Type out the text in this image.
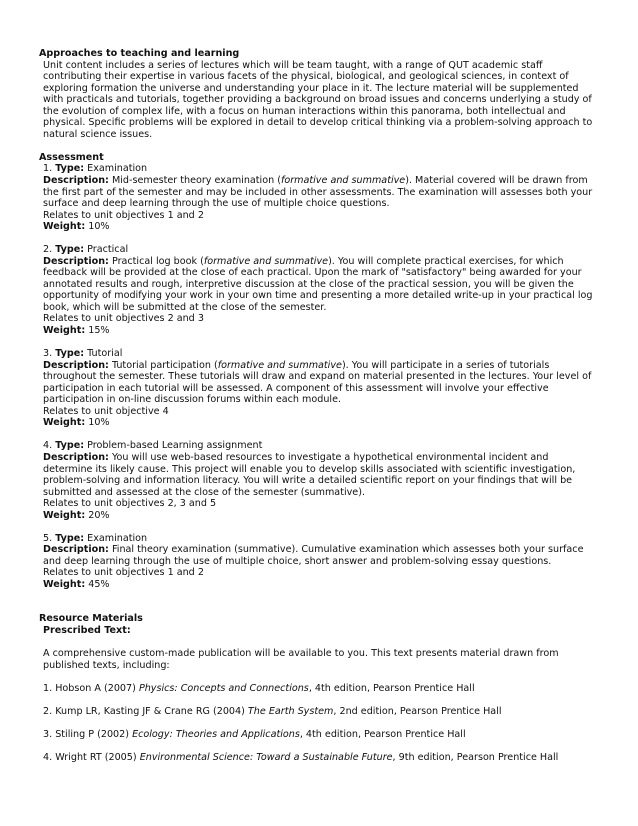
Approaches to teaching and learning
Unit content includes a series of lectures which will be team taught, with a range of QUT academic staff contributing their expertise in various facets of the physical, biological, and geological sciences, in context of exploring formation the universe and understanding your place in it. The lecture material will be supplemented with practicals and tutorials, together providing a background on broad issues and concerns underlying a study of the evolution of complex life, with a focus on human interactions within this panorama, both intellectual and physical. Specific problems will be explored in detail to develop critical thinking via a problem-solving approach to natural science issues.
Assessment
1. Type: Examination
Description: Mid-semester theory examination (formative and summative). Material covered will be drawn from the first part of the semester and may be included in other assessments. The examination will assesses both your surface and deep learning through the use of multiple choice questions.
Relates to unit objectives 1 and 2
Weight: 10%
2. Type: Practical
Description: Practical log book (formative and summative). You will complete practical exercises, for which feedback will be provided at the close of each practical. Upon the mark of "satisfactory" being awarded for your annotated results and rough, interpretive discussion at the close of the practical session, you will be given the opportunity of modifying your work in your own time and presenting a more detailed write-up in your practical log book, which will be submitted at the close of the semester.
Relates to unit objectives 2 and 3
Weight: 15%
3. Type: Tutorial
Description: Tutorial participation (formative and summative). You will participate in a series of tutorials throughout the semester. These tutorials will draw and expand on material presented in the lectures. Your level of participation in each tutorial will be assessed. A component of this assessment will involve your effective participation in on-line discussion forums within each module.
Relates to unit objective 4
Weight: 10%
4. Type: Problem-based Learning assignment
Description: You will use web-based resources to investigate a hypothetical environmental incident and determine its likely cause. This project will enable you to develop skills associated with scientific investigation, problem-solving and information literacy. You will write a detailed scientific report on your findings that will be submitted and assessed at the close of the semester (summative).
Relates to unit objectives 2, 3 and 5
Weight: 20%
5. Type: Examination
Description: Final theory examination (summative). Cumulative examination which assesses both your surface and deep learning through the use of multiple choice, short answer and problem-solving essay questions.
Relates to unit objectives 1 and 2
Weight: 45%
Resource Materials
Prescribed Text:
A comprehensive custom-made publication will be available to you. This text presents material drawn from published texts, including:
1. Hobson A (2007) Physics: Concepts and Connections, 4th edition, Pearson Prentice Hall
2. Kump LR, Kasting JF & Crane RG (2004) The Earth System, 2nd edition, Pearson Prentice Hall
3. Stiling P (2002) Ecology: Theories and Applications, 4th edition, Pearson Prentice Hall
4. Wright RT (2005) Environmental Science: Toward a Sustainable Future, 9th edition, Pearson Prentice Hall
